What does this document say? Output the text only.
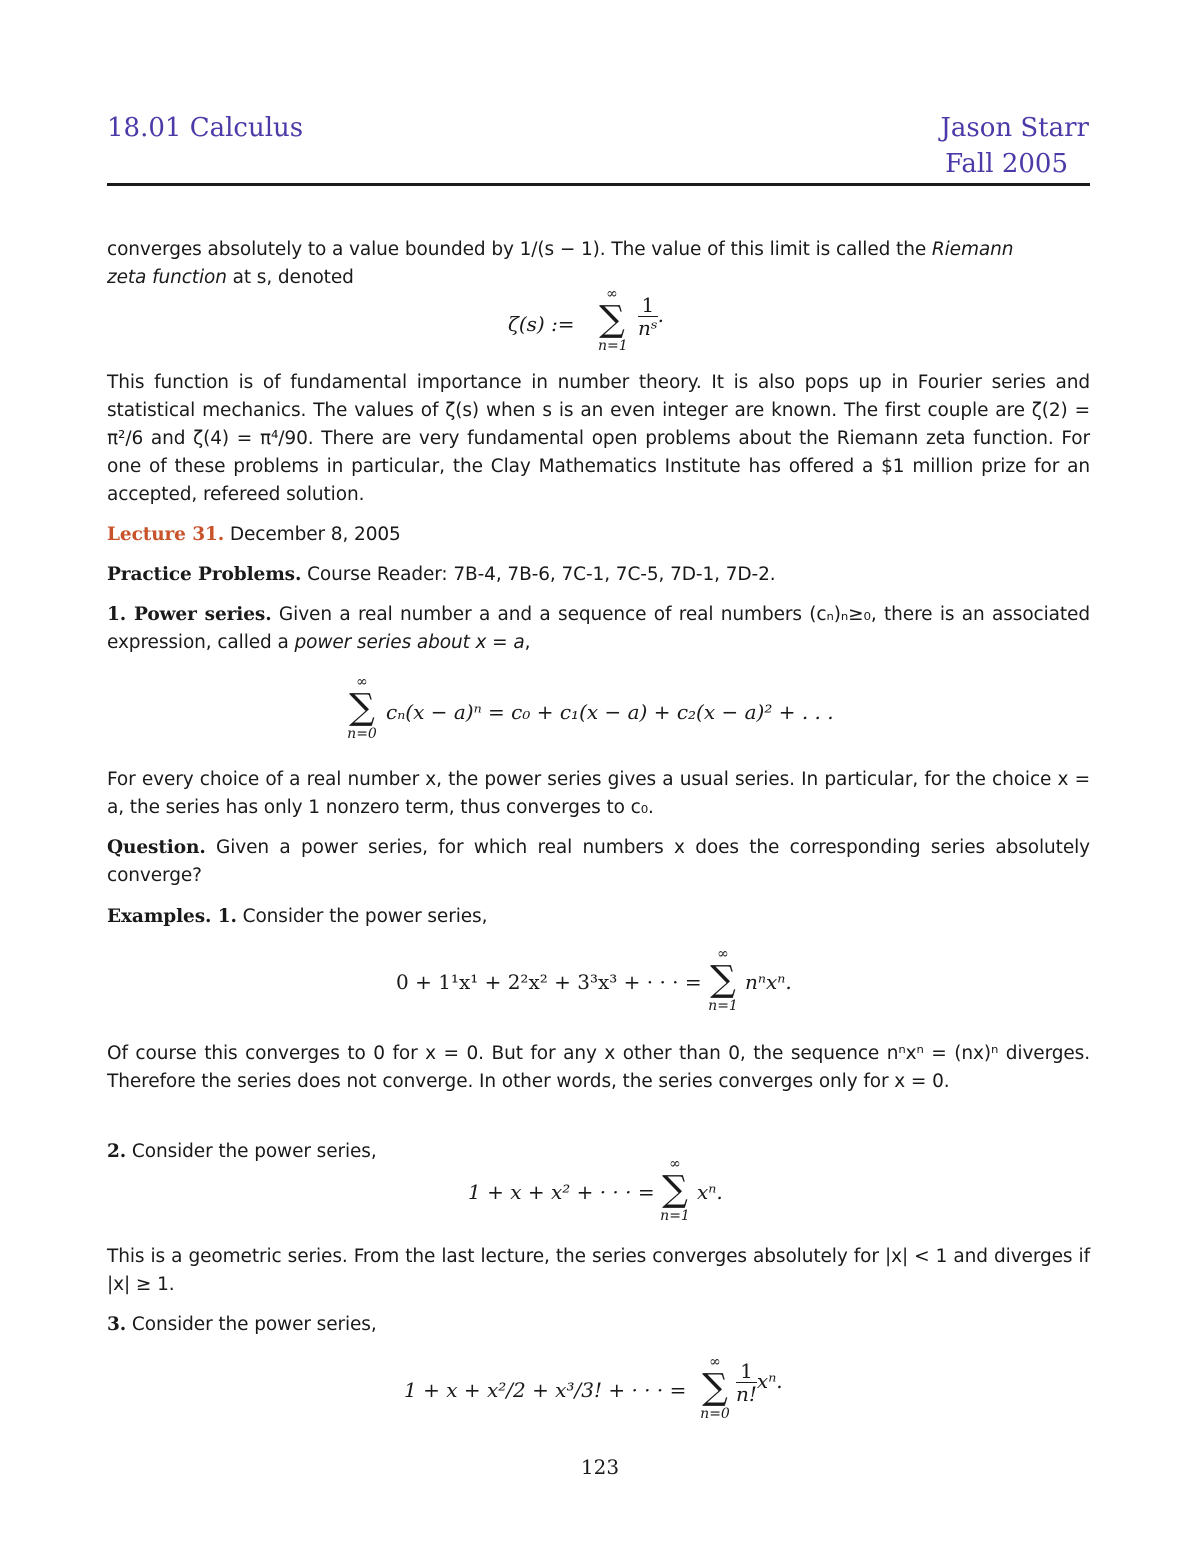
18.01 Calculus	Jason Starr
Fall 2005

converges absolutely to a value bounded by 1/(s − 1). The value of this limit is called the Riemann
zeta function at s, denoted

ζ(s) :=
∞
∑
n=1
$\frac{1}{\text{nˢ}}$ .

This function is of fundamental importance in number theory. It is also pops up in Fourier series and statistical mechanics. The values of ζ(s) when s is an even integer are known. The first couple are ζ(2) = π²/6 and ζ(4) = π⁴/90. There are very fundamental open problems about the Riemann zeta function. For one of these problems in particular, the Clay Mathematics Institute has offered a $1 million prize for an accepted, refereed solution.

Lecture 31. December 8, 2005

Practice Problems. Course Reader: 7B-4, 7B-6, 7C-1, 7C-5, 7D-1, 7D-2.

1. Power series. Given a real number a and a sequence of real numbers (cₙ)ₙ≥₀, there is an associated expression, called a power series about x = a,

∞
∑
n=0
cₙ(x − a)ⁿ = c₀ + c₁(x − a) + c₂(x − a)² + . . .

For every choice of a real number x, the power series gives a usual series. In particular, for the choice x = a, the series has only 1 nonzero term, thus converges to c₀.

Question. Given a power series, for which real numbers x does the corresponding series absolutely converge?

Examples. 1. Consider the power series,

0 + 1¹x¹ + 2²x² + 3³x³ + · · · =
∞
∑
n=1
nⁿxⁿ.

Of course this converges to 0 for x = 0. But for any x other than 0, the sequence nⁿxⁿ = (nx)ⁿ diverges. Therefore the series does not converge. In other words, the series converges only for x = 0.

2. Consider the power series,

1 + x + x² + · · · =
∞
∑
n=1
xⁿ.

This is a geometric series. From the last lecture, the series converges absolutely for |x| < 1 and diverges if |x| ≥ 1.

3. Consider the power series,

1 + x + x²/2 + x³/3! + · · · =
∞
∑
n=0
$\frac{1}{n!} x^n$.
123
